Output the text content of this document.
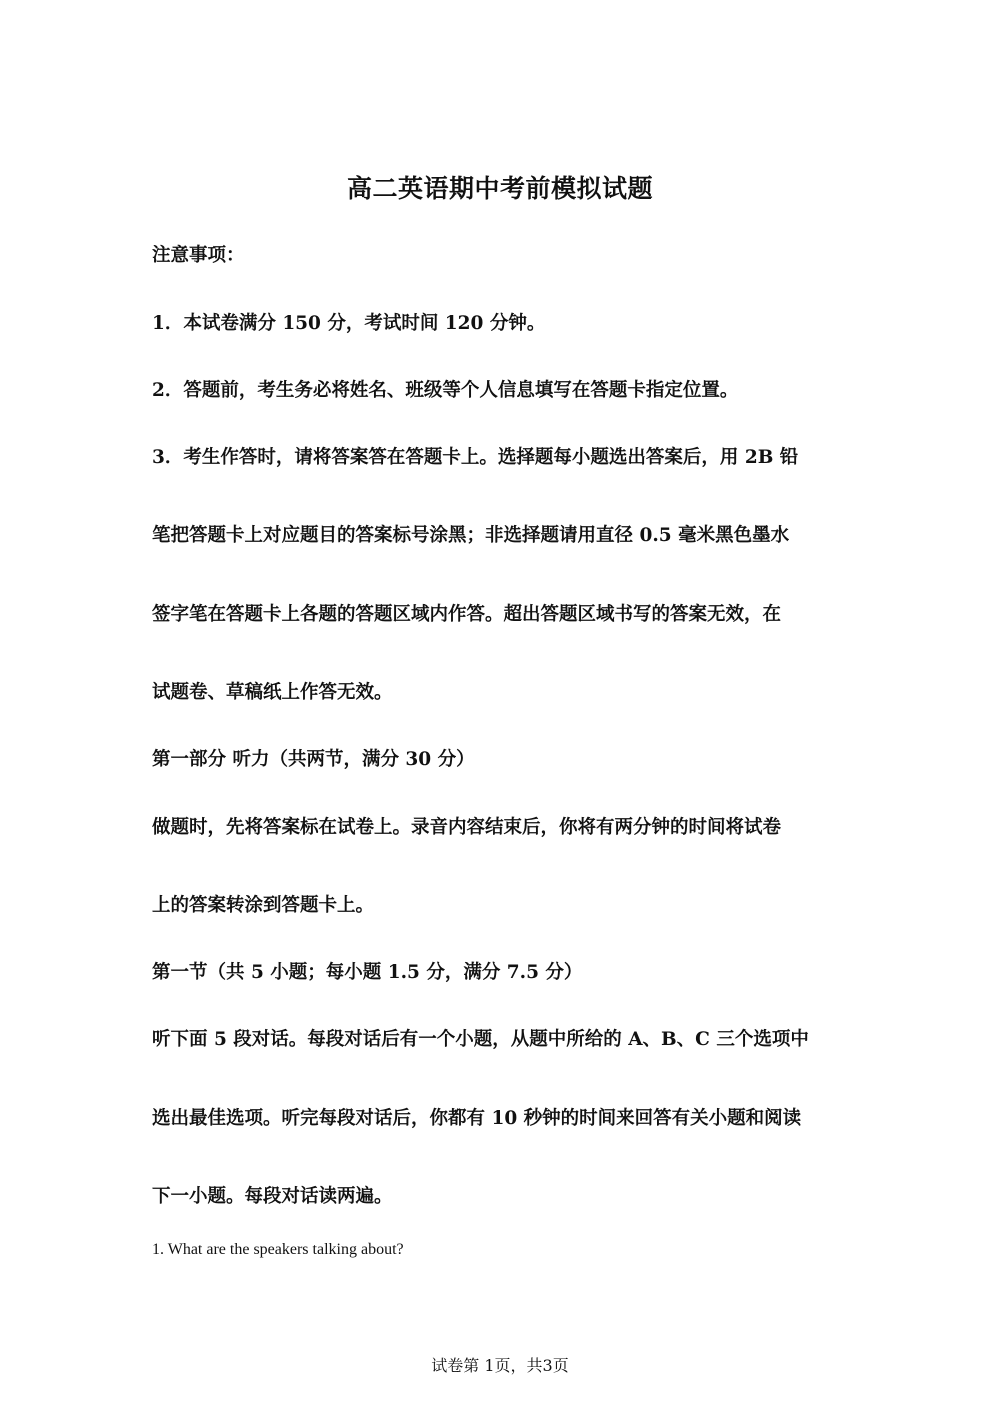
高二英语期中考前模拟试题
注意事项：
1．本试卷满分 150 分，考试时间 120 分钟。
2．答题前，考生务必将姓名、班级等个人信息填写在答题卡指定位置。
3．考生作答时，请将答案答在答题卡上。选择题每小题选出答案后，用 2B 铅
笔把答题卡上对应题目的答案标号涂黑；非选择题请用直径 0.5 毫米黑色墨水
签字笔在答题卡上各题的答题区域内作答。超出答题区域书写的答案无效，在
试题卷、草稿纸上作答无效。
第一部分 听力（共两节，满分 30 分）
做题时，先将答案标在试卷上。录音内容结束后，你将有两分钟的时间将试卷
上的答案转涂到答题卡上。
第一节（共 5 小题；每小题 1.5 分，满分 7.5 分）
听下面 5 段对话。每段对话后有一个小题，从题中所给的 A、B、C 三个选项中
选出最佳选项。听完每段对话后，你都有 10 秒钟的时间来回答有关小题和阅读
下一小题。每段对话读两遍。
1. What are the speakers talking about?
试卷第 1页，共3页
